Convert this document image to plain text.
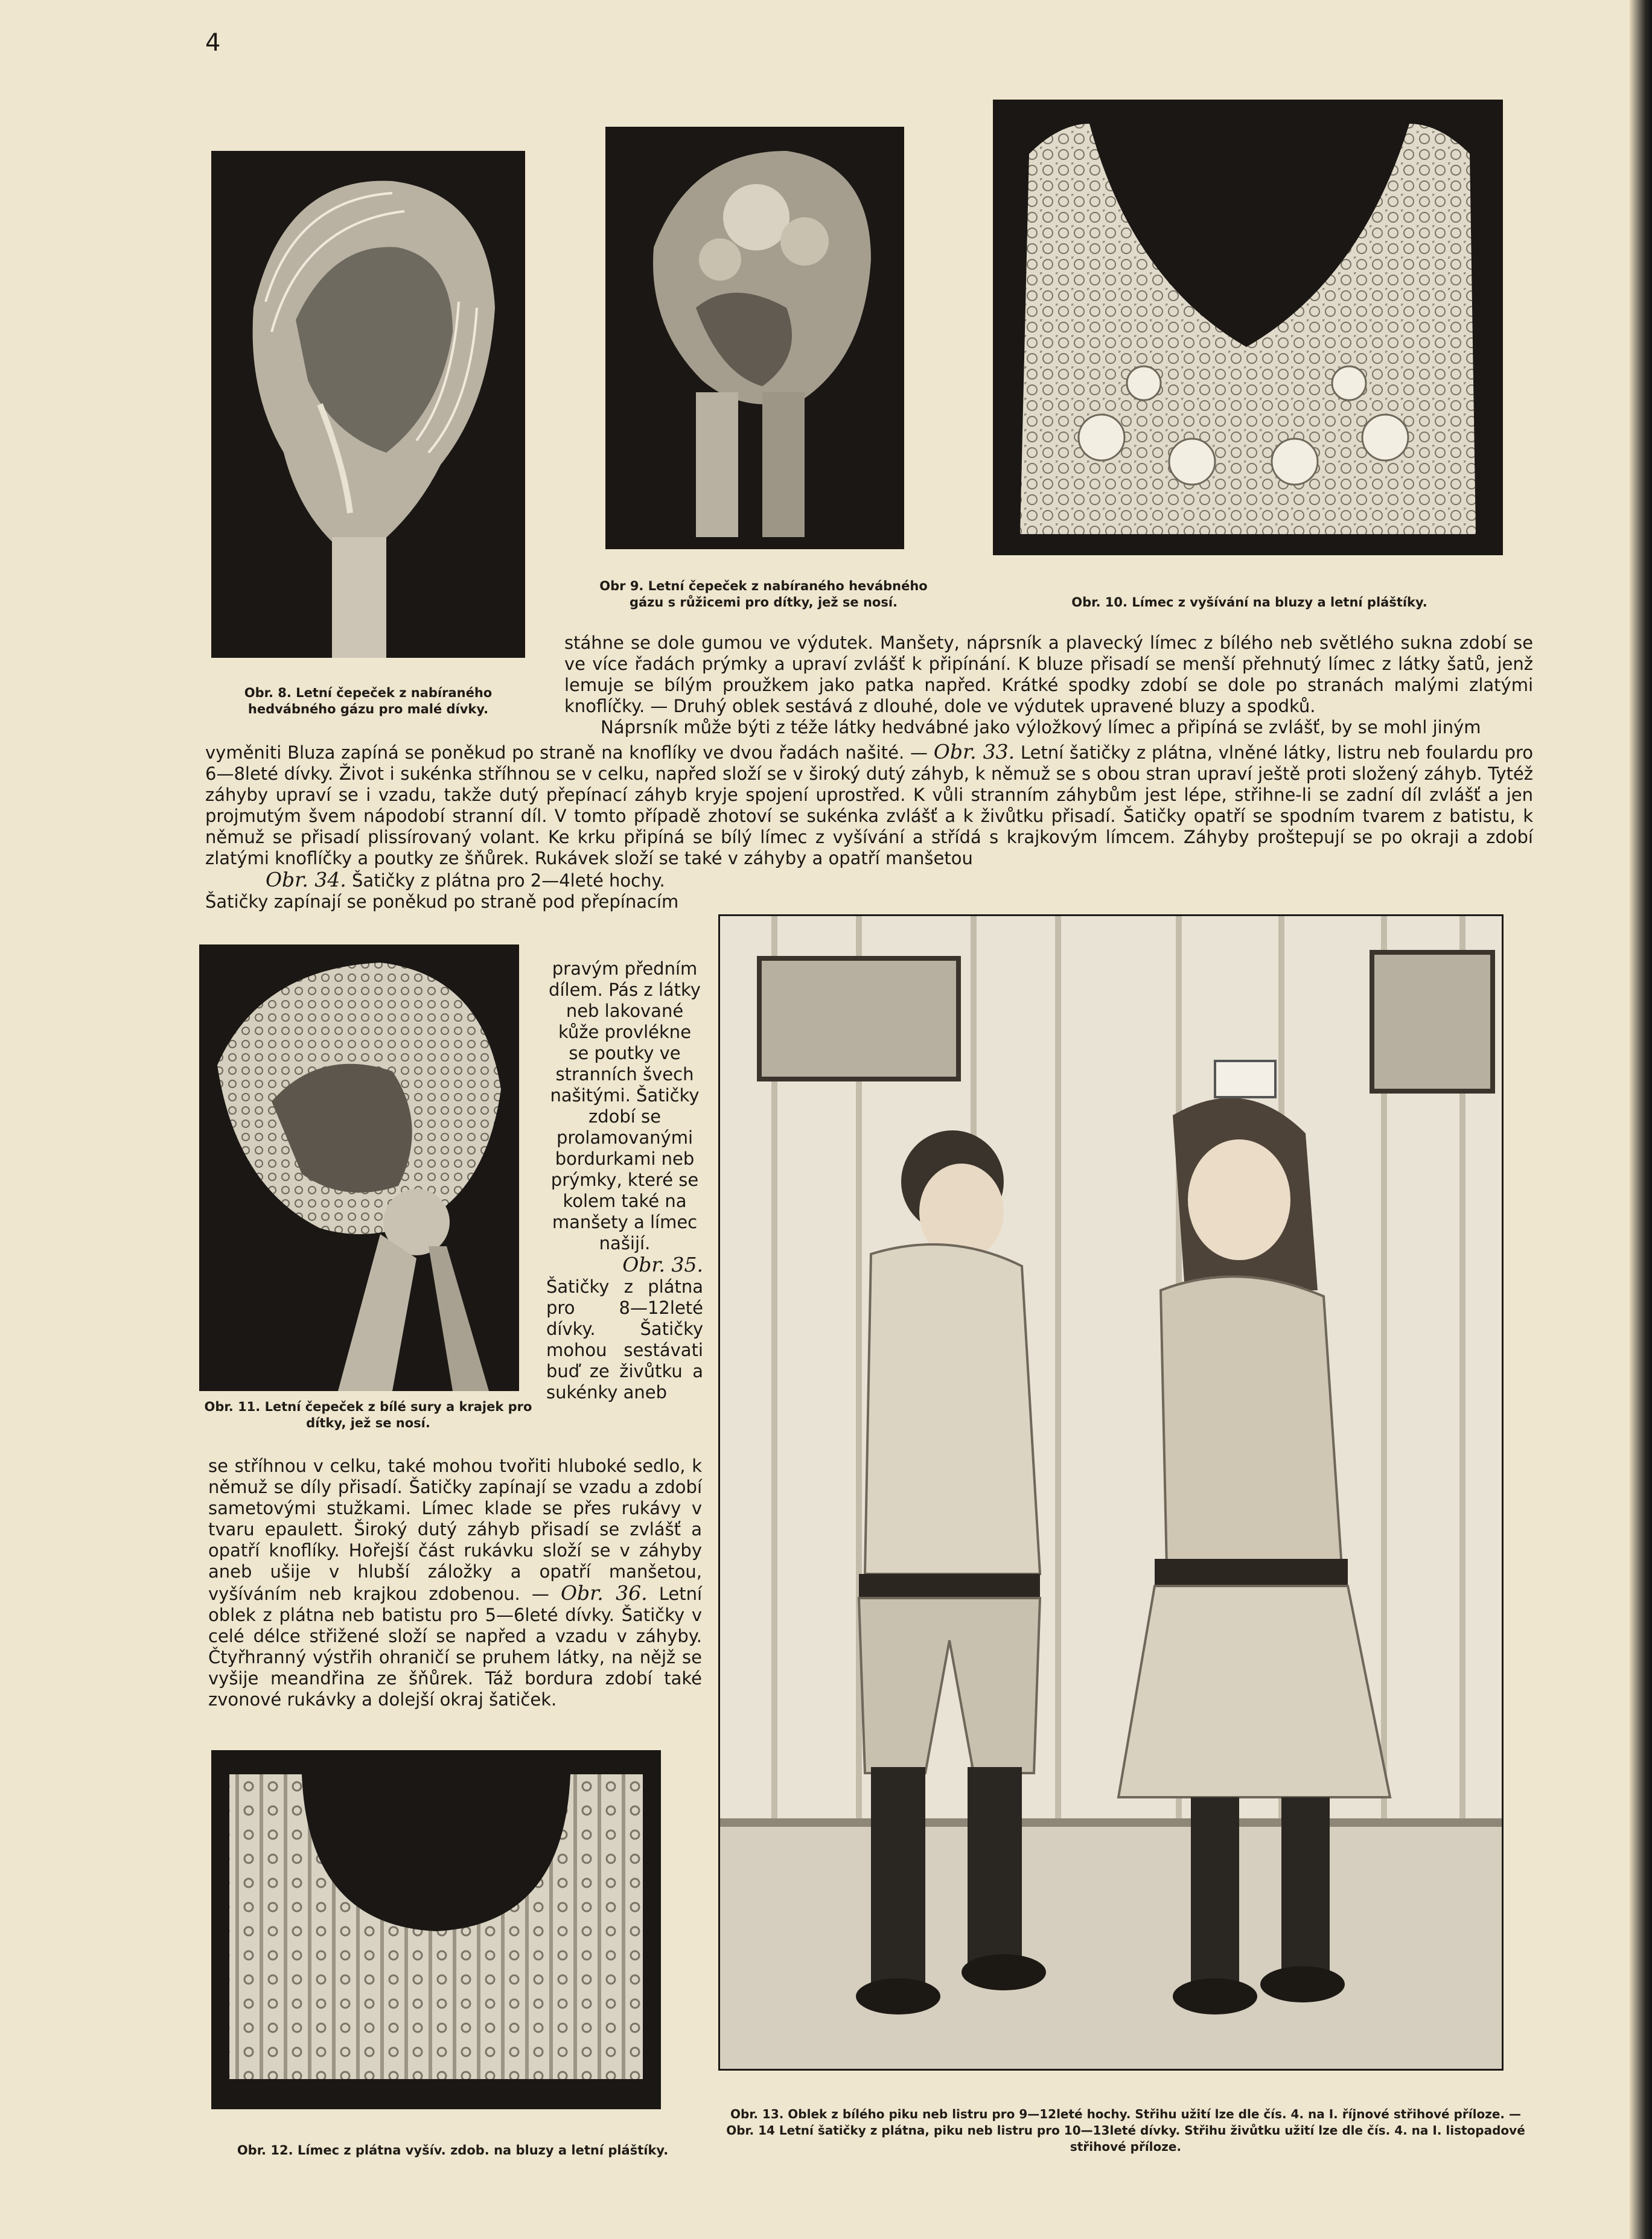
4
Obr. 8. Letní čepeček z nabíraného hedvábného gázu pro malé dívky.
Obr 9. Letní čepeček z nabíraného hevábného gázu s růžicemi pro dítky, jež se nosí.	Obr. 10. Límec z vyšívání na bluzy a letní pláštíky.

stáhne se dole gumou ve výdutek. Manšety, náprsník a plavecký límec z bílého neb světlého sukna zdobí se ve více řadách prýmky a upraví zvlášť k připínání. K bluze přisadí se menší přehnutý límec z látky šatů, jenž lemuje se bílým proužkem jako patka napřed. Krátké spodky zdobí se dole po stranách malými zlatými knoflíčky. — Druhý oblek sestává z dlouhé, dole ve výdutek upravené bluzy a spodků.

Náprsník může býti z téže látky hedvábné jako výložkový límec a připíná se zvlášť, by se mohl jiným

vyměniti Bluza zapíná se poněkud po straně na knoflíky ve dvou řadách našité. — Obr. 33. Letní šatičky z plátna, vlněné látky, listru neb foulardu pro 6—8leté dívky. Život i sukénka stříhnou se v celku, napřed složí se v široký dutý záhyb, k němuž se s obou stran upraví ještě proti složený záhyb. Tytéž záhyby upraví se i vzadu, takže dutý přepínací záhyb kryje spojení uprostřed. K vůli stranním záhybům jest lépe, střihne-li se zadní díl zvlášť a jen projmutým švem nápodobí stranní díl. V tomto případě zhotoví se sukénka zvlášť a k živůtku přisadí. Šatičky opatří se spodním tvarem z batistu, k němuž se přisadí plissírovaný volant. Ke krku připíná se bílý límec z vyšívání a střídá s krajkovým límcem. Záhyby proštepují se po okraji a zdobí zlatými knoflíčky a poutky ze šňůrek. Rukávek složí se také v záhyby a opatří manšetou

Obr. 34. Šatičky z plátna pro 2—4leté hochy.

Šatičky zapínají se poněkud po straně pod přepínacím

Obr. 11. Letní čepeček z bílé sury a krajek pro dítky, jež se nosí.

pravým předním dílem. Pás z látky neb lakované kůže provlékne se poutky ve stranních švech našitými. Šatičky zdobí se prolamovanými bordurkami neb prýmky, které se kolem také na manšety a límec našijí.

Obr. 35.

Šatičky z plátna pro 8—12leté dívky. Šatičky mohou sestávati buď ze živůtku a sukénky aneb

se stříhnou v celku, také mohou tvořiti hluboké sedlo, k němuž se díly přisadí. Šatičky zapínají se vzadu a zdobí sametovými stužkami. Límec klade se přes rukávy v tvaru epaulett. Široký dutý záhyb přisadí se zvlášť a opatří knoflíky. Hořejší část rukávku složí se v záhyby aneb ušije v hlubší záložky a opatří manšetou, vyšíváním neb krajkou zdobenou. — Obr. 36. Letní oblek z plátna neb batistu pro 5—6leté dívky. Šatičky v celé délce střižené složí se napřed a vzadu v záhyby. Čtyřhranný výstřih ohraničí se pruhem látky, na nějž se vyšije meandřina ze šňůrek. Táž bordura zdobí také zvonové rukávky a dolejší okraj šatiček.

Obr. 12. Límec z plátna vyšív. zdob. na bluzy a letní pláštíky.
Obr. 13. Oblek z bílého piku neb listru pro 9—12leté hochy. Střihu užití lze dle čís. 4. na I. říjnové střihové příloze. — Obr. 14 Letní šatičky z plátna, piku neb listru pro 10—13leté dívky. Střihu živůtku užití lze dle čís. 4. na I. listopadové střihové příloze.
